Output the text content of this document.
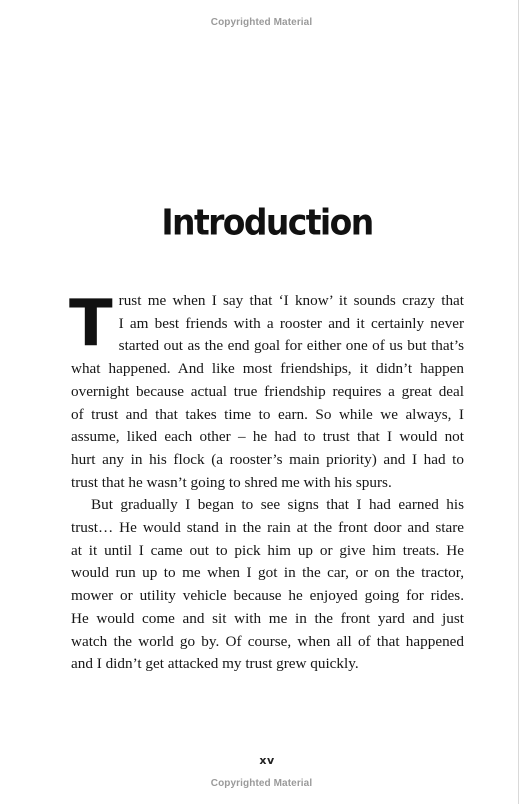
Copyrighted Material
Introduction
T rust me when I say that ‘I know’ it sounds crazy that
I am best friends with a rooster and it certainly never
started out as the end goal for either one of us but that’s
what happened. And like most friendships, it didn’t happen
overnight because actual true friendship requires a great deal
of trust and that takes time to earn. So while we always, I
assume, liked each other – he had to trust that I would not
hurt any in his flock (a rooster’s main priority) and I had to
trust that he wasn’t going to shred me with his spurs.
But gradually I began to see signs that I had earned his
trust… He would stand in the rain at the front door and stare
at it until I came out to pick him up or give him treats. He
would run up to me when I got in the car, or on the tractor,
mower or utility vehicle because he enjoyed going for rides.
He would come and sit with me in the front yard and just
watch the world go by. Of course, when all of that happened
and I didn’t get attacked my trust grew quickly.
xv
Copyrighted Material
